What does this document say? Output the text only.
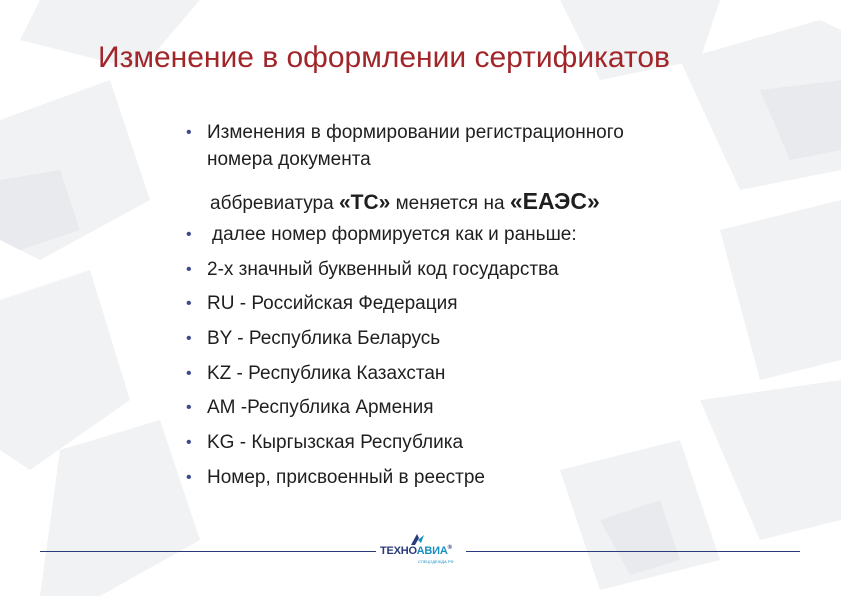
Изменение в оформлении сертификатов
• Изменения в формировании регистрационного
номера документа
аббревиатура «ТС» меняется на «ЕАЭС»
• далее номер формируется как и раньше:
• 2-х значный буквенный код государства
• RU - Российская Федерация
• BY - Республика Беларусь
• KZ - Республика Казахстан
• AM -Республика Армения
• KG - Кыргызская Республика
• Номер, присвоенный в реестре
ТЕХНОАВИА®
СПЕЦОДЕЖДА РФ
